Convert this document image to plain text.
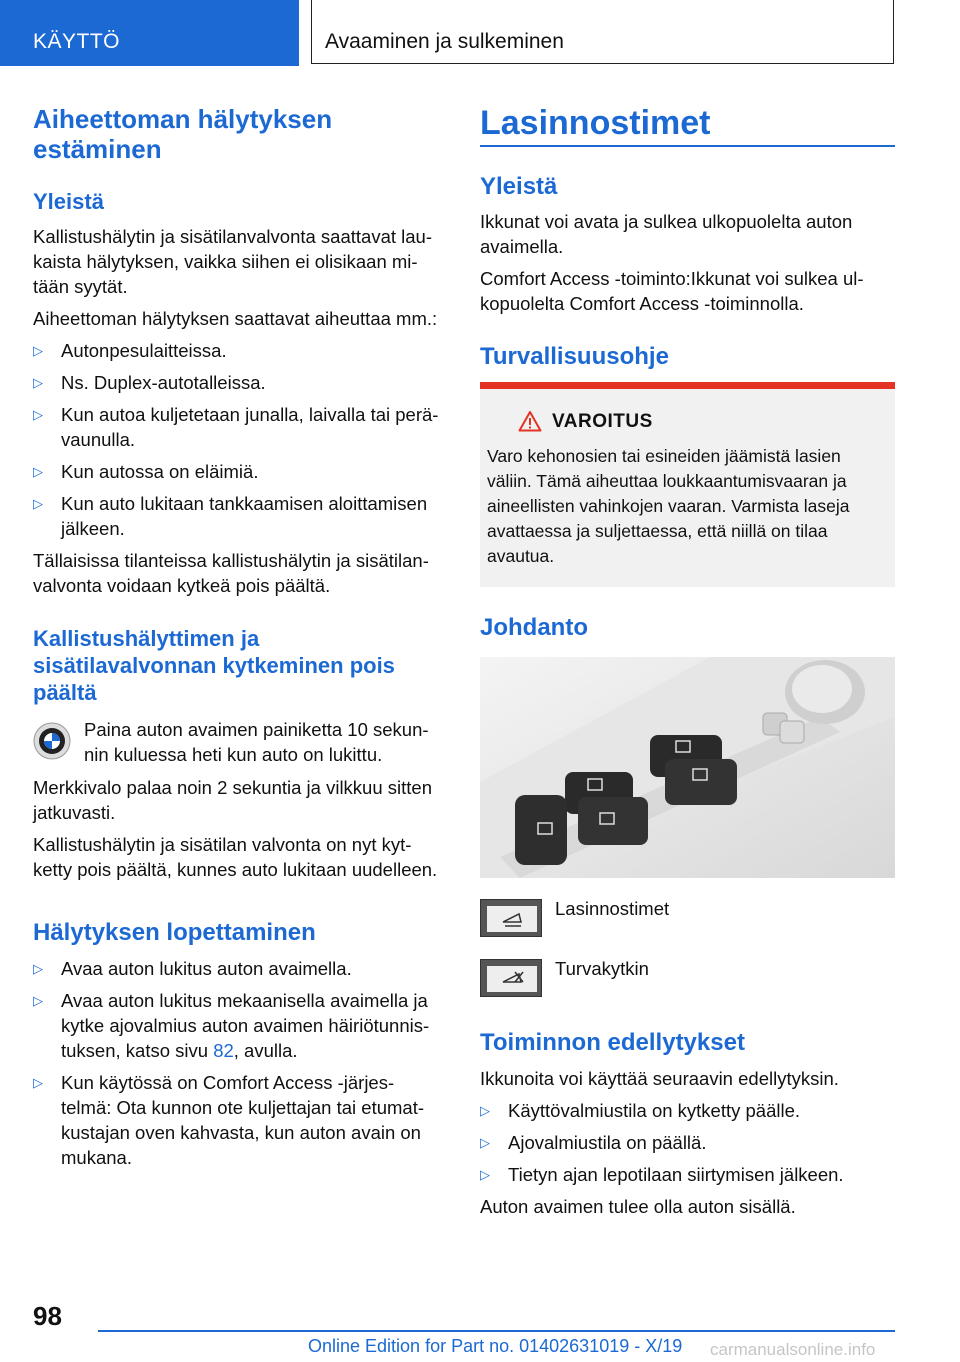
KÄYTTÖ	Avaaminen ja sulkeminen
Aiheettoman hälytyksen
estäminen
Yleistä
Kallistushälytin ja sisätilanvalvonta saattavat lau-
kaista hälytyksen, vaikka siihen ei olisikaan mi-
tään syytät.
Aiheettoman hälytyksen saattavat aiheuttaa mm.:
▷ Autonpesulaitteissa.
▷ Ns. Duplex-autotalleissa.
▷ Kun autoa kuljetetaan junalla, laivalla tai perä-
vaunulla.
▷ Kun autossa on eläimiä.
▷ Kun auto lukitaan tankkaamisen aloittamisen
jälkeen.
Tällaisissa tilanteissa kallistushälytin ja sisätilan-
valvonta voidaan kytkeä pois päältä.
Kallistushälyttimen ja
sisätilavalvonnan kytkeminen pois
päältä
Paina auton avaimen painiketta 10 sekun-
nin kuluessa heti kun auto on lukittu.
Merkkivalo palaa noin 2 sekuntia ja vilkkuu sitten
jatkuvasti.
Kallistushälytin ja sisätilan valvonta on nyt kyt-
ketty pois päältä, kunnes auto lukitaan uudelleen.
Hälytyksen lopettaminen
▷ Avaa auton lukitus auton avaimella.
▷ Avaa auton lukitus mekaanisella avaimella ja
kytke ajovalmius auton avaimen häiriötunnis-
tuksen, katso sivu 82, avulla.
▷ Kun käytössä on Comfort Access -järjes-
telmä: Ota kunnon ote kuljettajan tai etumat-
kustajan oven kahvasta, kun auton avain on
mukana.
Lasinnostimet
Yleistä
Ikkunat voi avata ja sulkea ulkopuolelta auton
avaimella.
Comfort Access -toiminto:Ikkunat voi sulkea ul-
kopuolelta Comfort Access -toiminnolla.
Turvallisuusohje
VAROITUS
Varo kehonosien tai esineiden jäämistä lasien
väliin. Tämä aiheuttaa loukkaantumisvaaran ja
aineellisten vahinkojen vaaran. Varmista laseja
avattaessa ja suljettaessa, että niillä on tilaa
avautua.
Johdanto
Lasinnostimet
Turvakytkin
Toiminnon edellytykset
Ikkunoita voi käyttää seuraavin edellytyksin.
▷ Käyttövalmiustila on kytketty päälle.
▷ Ajovalmiustila on päällä.
▷ Tietyn ajan lepotilaan siirtymisen jälkeen.
Auton avaimen tulee olla auton sisällä.
98
Online Edition for Part no. 01402631019 - X/19 carmanualsonline.info
